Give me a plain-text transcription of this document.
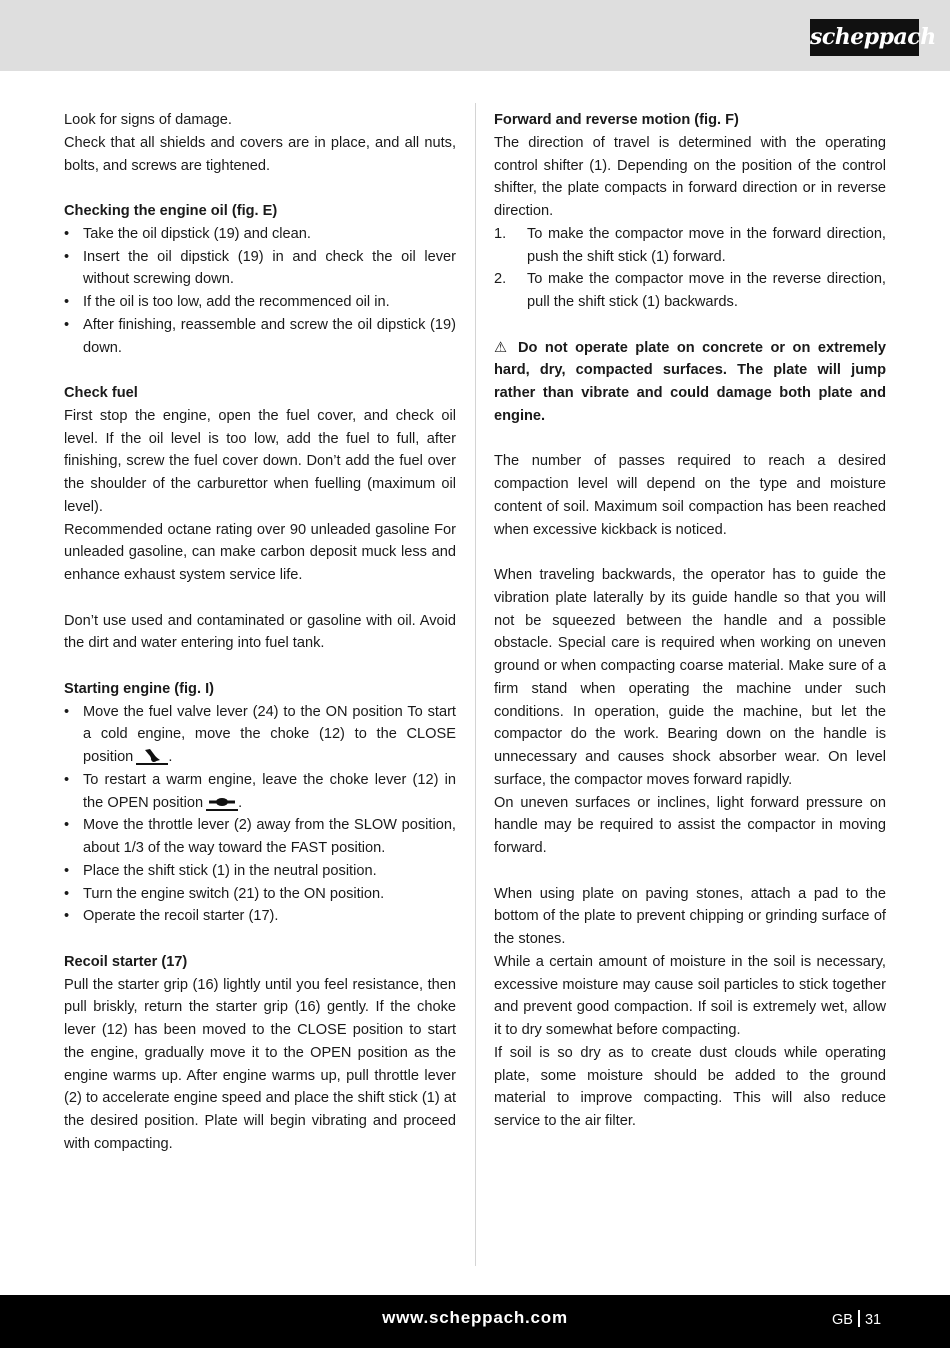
scheppach

Look for signs of damage.

Check that all shields and covers are in place, and all nuts, bolts, and screws are tightened.

Checking the engine oil (fig. E)

• Take the oil dipstick (19) and clean.
• Insert the oil dipstick (19) in and check the oil lever without screwing down.
• If the oil is too low, add the recommenced oil in.
• After finishing, reassemble and screw the oil dipstick (19) down.

Check fuel

First stop the engine, open the fuel cover, and check oil level. If the oil level is too low, add the fuel to full, after finishing, screw the fuel cover down. Don’t add the fuel over the shoulder of the carburettor when fuelling (maximum oil level).

Recommended octane rating over 90 unleaded gasoline For unleaded gasoline, can make carbon deposit muck less and enhance exhaust system service life.

Don’t use used and contaminated or gasoline with oil. Avoid the dirt and water entering into fuel tank.

Starting engine (fig. I)

• Move the fuel valve lever (24) to the ON position To start a cold engine, move the choke (12) to the CLOSE position .
• To restart a warm engine, leave the choke lever (12) in the OPEN position .
• Move the throttle lever (2) away from the SLOW position, about 1/3 of the way toward the FAST position.
• Place the shift stick (1) in the neutral position.
• Turn the engine switch (21) to the ON position.
• Operate the recoil starter (17).

Recoil starter (17)

Pull the starter grip (16) lightly until you feel resistance, then pull briskly, return the starter grip (16) gently. If the choke lever (12) has been moved to the CLOSE position to start the engine, gradually move it to the OPEN position as the engine warms up. After engine warms up, pull throttle lever (2) to accelerate engine speed and place the shift stick (1) at the desired position. Plate will begin vibrating and proceed with compacting.

Forward and reverse motion (fig. F)

The direction of travel is determined with the operating control shifter (1). Depending on the position of the control shifter, the plate compacts in forward direction or in reverse direction.

1. To make the compactor move in the forward direction, push the shift stick (1) forward.
2. To make the compactor move in the reverse direction, pull the shift stick (1) backwards.

⚠ Do not operate plate on concrete or on extremely hard, dry, compacted surfaces. The plate will jump rather than vibrate and could damage both plate and engine.

The number of passes required to reach a desired compaction level will depend on the type and moisture content of soil. Maximum soil compaction has been reached when excessive kickback is noticed.

When traveling backwards, the operator has to guide the vibration plate laterally by its guide handle so that you will not be squeezed between the handle and a possible obstacle. Special care is required when working on uneven ground or when compacting coarse material. Make sure of a firm stand when operating the machine under such conditions. In operation, guide the machine, but let the compactor do the work. Bearing down on the handle is unnecessary and causes shock absorber wear. On level surface, the compactor moves forward rapidly.

On uneven surfaces or inclines, light forward pressure on handle may be required to assist the compactor in moving forward.

When using plate on paving stones, attach a pad to the bottom of the plate to prevent chipping or grinding surface of the stones.

While a certain amount of moisture in the soil is necessary, excessive moisture may cause soil particles to stick together and prevent good compaction. If soil is extremely wet, allow it to dry somewhat before compacting.

If soil is so dry as to create dust clouds while operating plate, some moisture should be added to the ground material to improve compacting. This will also reduce service to the air filter.

www.scheppach.com	GB 31
